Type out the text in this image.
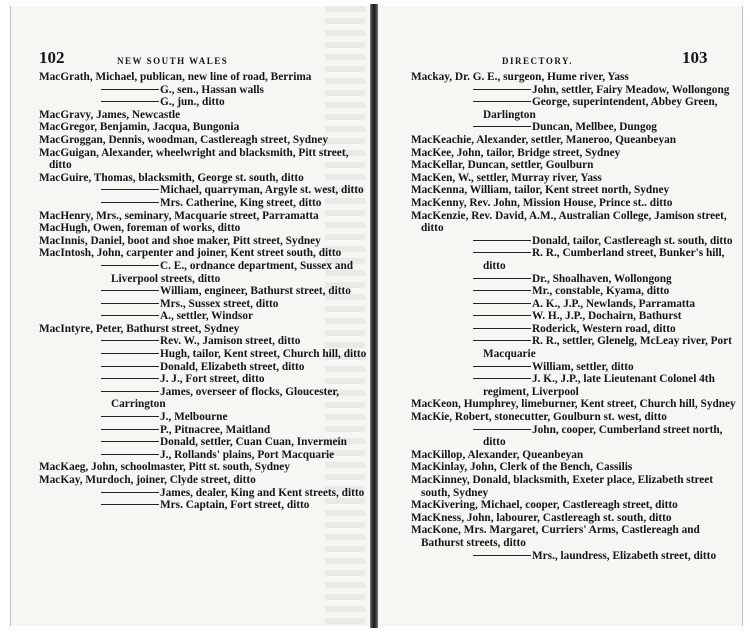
102	NEW SOUTH WALES
MacGrath, Michael, publican, new line of road, Berrima
G., sen., Hassan walls
G., jun., ditto
MacGravy, James, Newcastle
MacGregor, Benjamin, Jacqua, Bungonia
MacGroggan, Dennis, woodman, Castlereagh street, Sydney
MacGuigan, Alexander, wheelwright and blacksmith, Pitt street, ditto
MacGuire, Thomas, blacksmith, George st. south, ditto
Michael, quarryman, Argyle st. west, ditto
Mrs. Catherine, King street, ditto
MacHenry, Mrs., seminary, Macquarie street, Parramatta
MacHugh, Owen, foreman of works, ditto
MacInnis, Daniel, boot and shoe maker, Pitt street, Sydney
MacIntosh, John, carpenter and joiner, Kent street south, ditto
C. E., ordnance department, Sussex and Liverpool streets, ditto
William, engineer, Bathurst street, ditto
Mrs., Sussex street, ditto
A., settler, Windsor
MacIntyre, Peter, Bathurst street, Sydney
Rev. W., Jamison street, ditto
Hugh, tailor, Kent street, Church hill, ditto
Donald, Elizabeth street, ditto
J. J., Fort street, ditto
James, overseer of flocks, Gloucester, Carrington
J., Melbourne
P., Pitnacree, Maitland
Donald, settler, Cuan Cuan, Invermein
J., Rollands' plains, Port Macquarie
MacKaeg, John, schoolmaster, Pitt st. south, Sydney
MacKay, Murdoch, joiner, Clyde street, ditto
James, dealer, King and Kent streets, ditto
Mrs. Captain, Fort street, ditto
DIRECTORY.	103
Mackay, Dr. G. E., surgeon, Hume river, Yass
John, settler, Fairy Meadow, Wollongong
George, superintendent, Abbey Green, Darlington
Duncan, Mellbee, Dungog
MacKeachie, Alexander, settler, Maneroo, Queanbeyan
MacKee, John, tailor, Bridge street, Sydney
MacKellar, Duncan, settler, Goulburn
MacKen, W., settler, Murray river, Yass
MacKenna, William, tailor, Kent street north, Sydney
MacKenny, Rev. John, Mission House, Prince st.. ditto
MacKenzie, Rev. David, A.M., Australian College, Jamison street, ditto
Donald, tailor, Castlereagh st. south, ditto
R. R., Cumberland street, Bunker's hill, ditto
Dr., Shoalhaven, Wollongong
Mr., constable, Kyama, ditto
A. K., J.P., Newlands, Parramatta
W. H., J.P., Dochairn, Bathurst
Roderick, Western road, ditto
R. R., settler, Glenelg, McLeay river, Port Macquarie
William, settler, ditto
J. K., J.P., late Lieutenant Colonel 4th regiment, Liverpool
MacKeon, Humphrey, limeburner, Kent street, Church hill, Sydney
MacKie, Robert, stonecutter, Goulburn st. west, ditto
John, cooper, Cumberland street north, ditto
MacKillop, Alexander, Queanbeyan
MacKinlay, John, Clerk of the Bench, Cassilis
MacKinney, Donald, blacksmith, Exeter place, Elizabeth street south, Sydney
MacKivering, Michael, cooper, Castlereagh street, ditto
MacKness, John, labourer, Castlereagh st. south, ditto
MacKone, Mrs. Margaret, Curriers' Arms, Castlereagh and Bathurst streets, ditto
Mrs., laundress, Elizabeth street, ditto
